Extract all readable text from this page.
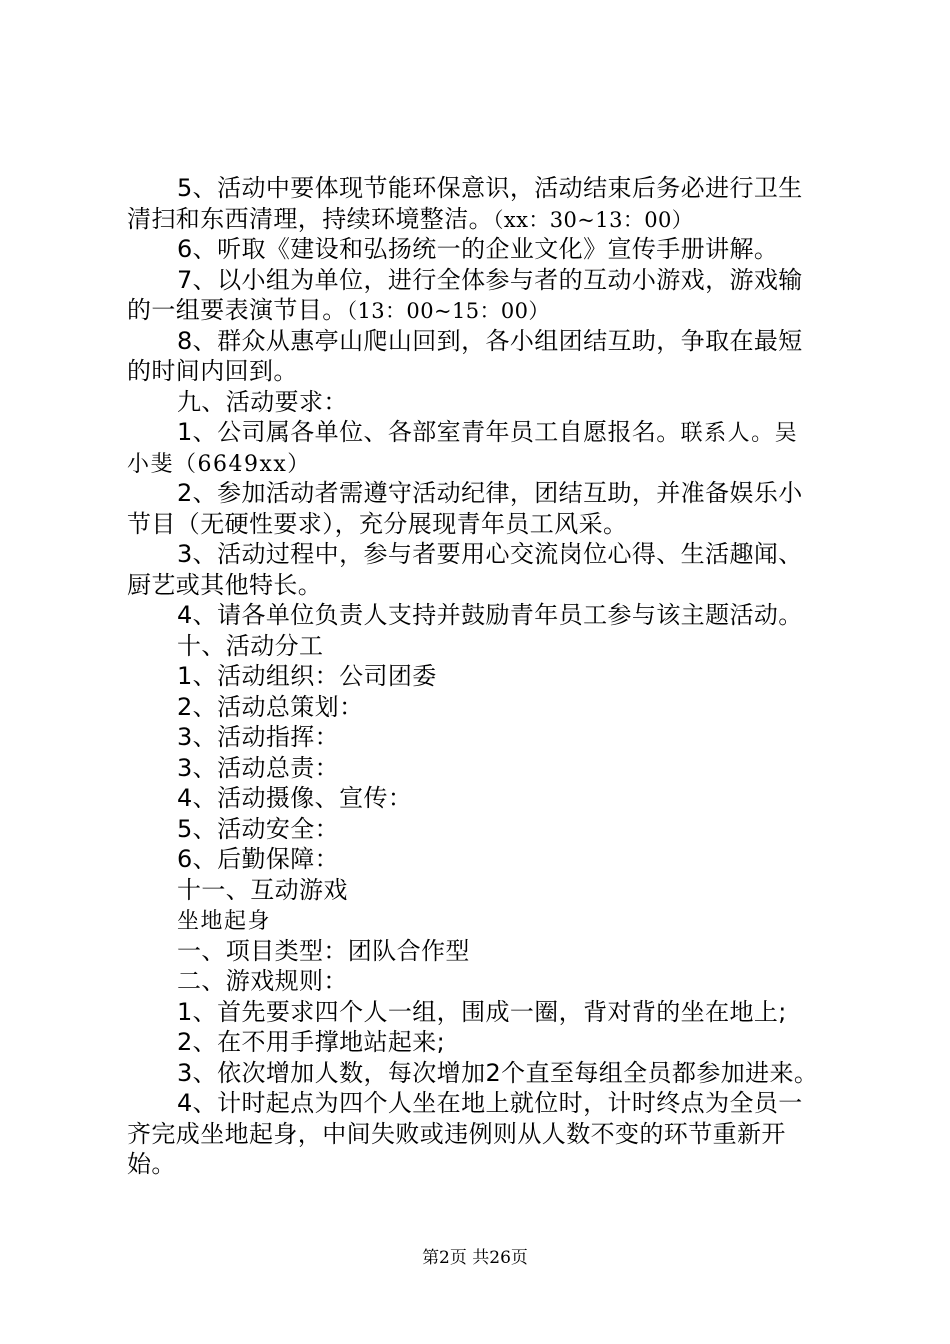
5、活动中要体现节能环保意识，活动结束后务必进行卫生
清扫和东西清理，持续环境整洁。（xx：30~13：00）
6、听取《建设和弘扬统一的企业文化》宣传手册讲解。
7、以小组为单位，进行全体参与者的互动小游戏，游戏输
的一组要表演节目。（13：00~15：00）
8、群众从惠亭山爬山回到，各小组团结互助，争取在最短
的时间内回到。
九、活动要求：
1、公司属各单位、各部室青年员工自愿报名。联系人。吴
小斐（6649xx）
2、参加活动者需遵守活动纪律，团结互助，并准备娱乐小
节目（无硬性要求），充分展现青年员工风采。
3、活动过程中，参与者要用心交流岗位心得、生活趣闻、
厨艺或其他特长。
4、请各单位负责人支持并鼓励青年员工参与该主题活动。
十、活动分工
1、活动组织：公司团委
2、活动总策划：
3、活动指挥：
3、活动总责：
4、活动摄像、宣传：
5、活动安全：
6、后勤保障：
十一、互动游戏
坐地起身
一、项目类型：团队合作型
二、游戏规则：
1、首先要求四个人一组，围成一圈，背对背的坐在地上;
2、在不用手撑地站起来;
3、依次增加人数，每次增加2个直至每组全员都参加进来。
4、计时起点为四个人坐在地上就位时，计时终点为全员一
齐完成坐地起身，中间失败或违例则从人数不变的环节重新开
始。
第2页 共26页
